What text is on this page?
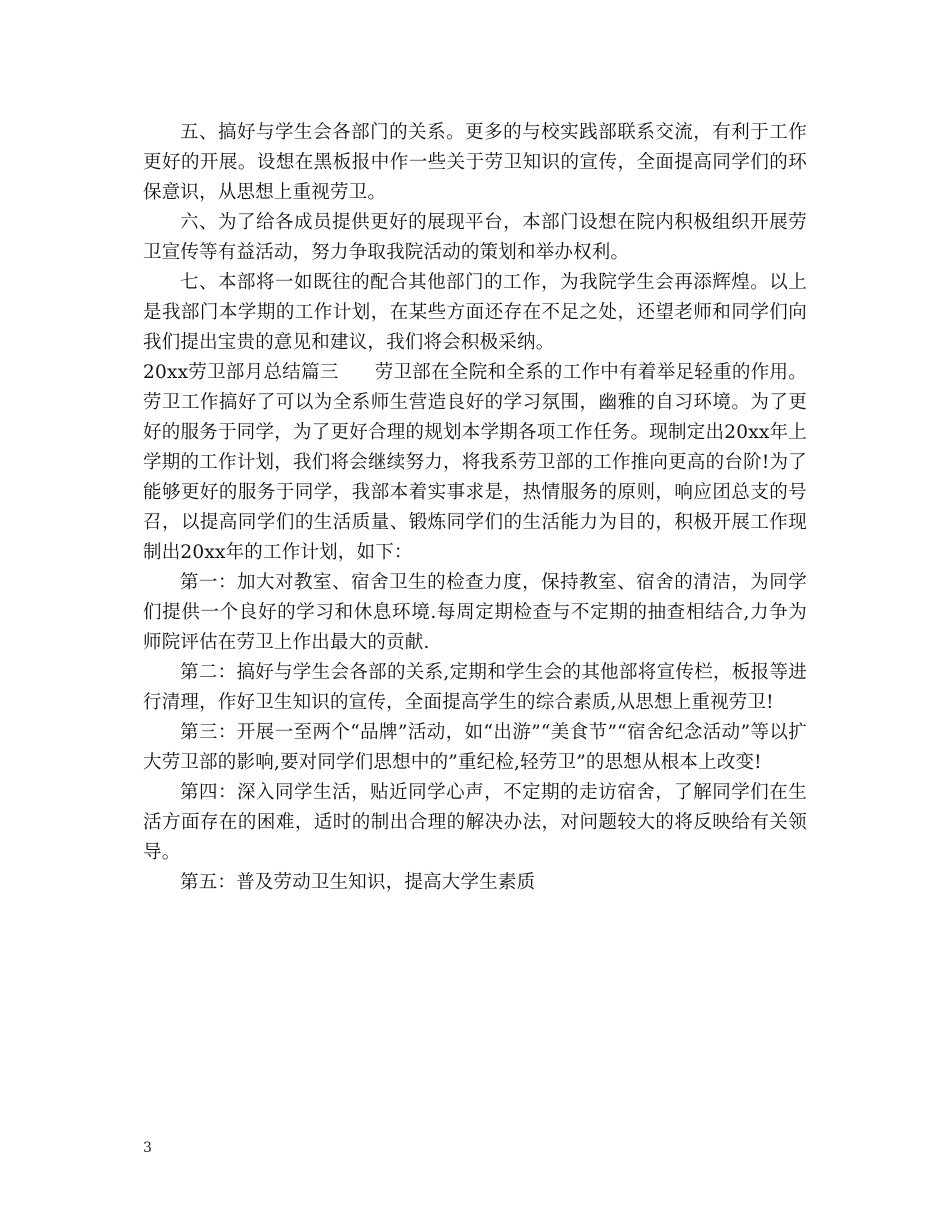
五、搞好与学生会各部门的关系。更多的与校实践部联系交流，有利于工作更好的开展。设想在黑板报中作一些关于劳卫知识的宣传，全面提高同学们的环保意识，从思想上重视劳卫。

六、为了给各成员提供更好的展现平台，本部门设想在院内积极组织开展劳卫宣传等有益活动，努力争取我院活动的策划和举办权利。

七、本部将一如既往的配合其他部门的工作，为我院学生会再添辉煌。以上是我部门本学期的工作计划，在某些方面还存在不足之处，还望老师和同学们向我们提出宝贵的意见和建议，我们将会积极采纳。

20xx劳卫部月总结篇三 劳卫部在全院和全系的工作中有着举足轻重的作用。劳卫工作搞好了可以为全系师生营造良好的学习氛围，幽雅的自习环境。为了更好的服务于同学，为了更好合理的规划本学期各项工作任务。现制定出20xx年上学期的工作计划，我们将会继续努力，将我系劳卫部的工作推向更高的台阶!为了能够更好的服务于同学，我部本着实事求是，热情服务的原则，响应团总支的号召，以提高同学们的生活质量、锻炼同学们的生活能力为目的，积极开展工作现制出20xx年的工作计划，如下：

第一：加大对教室、宿舍卫生的检查力度，保持教室、宿舍的清洁，为同学们提供一个良好的学习和休息环境.每周定期检查与不定期的抽查相结合,力争为师院评估在劳卫上作出最大的贡献.

第二：搞好与学生会各部的关系,定期和学生会的其他部将宣传栏，板报等进行清理，作好卫生知识的宣传，全面提高学生的综合素质,从思想上重视劳卫!

第三：开展一至两个“品牌”活动，如“出游”“美食节”“宿舍纪念活动”等以扩大劳卫部的影响,要对同学们思想中的”重纪检,轻劳卫”的思想从根本上改变!

第四：深入同学生活，贴近同学心声，不定期的走访宿舍，了解同学们在生活方面存在的困难，适时的制出合理的解决办法，对问题较大的将反映给有关领导。

第五：普及劳动卫生知识，提高大学生素质

3
